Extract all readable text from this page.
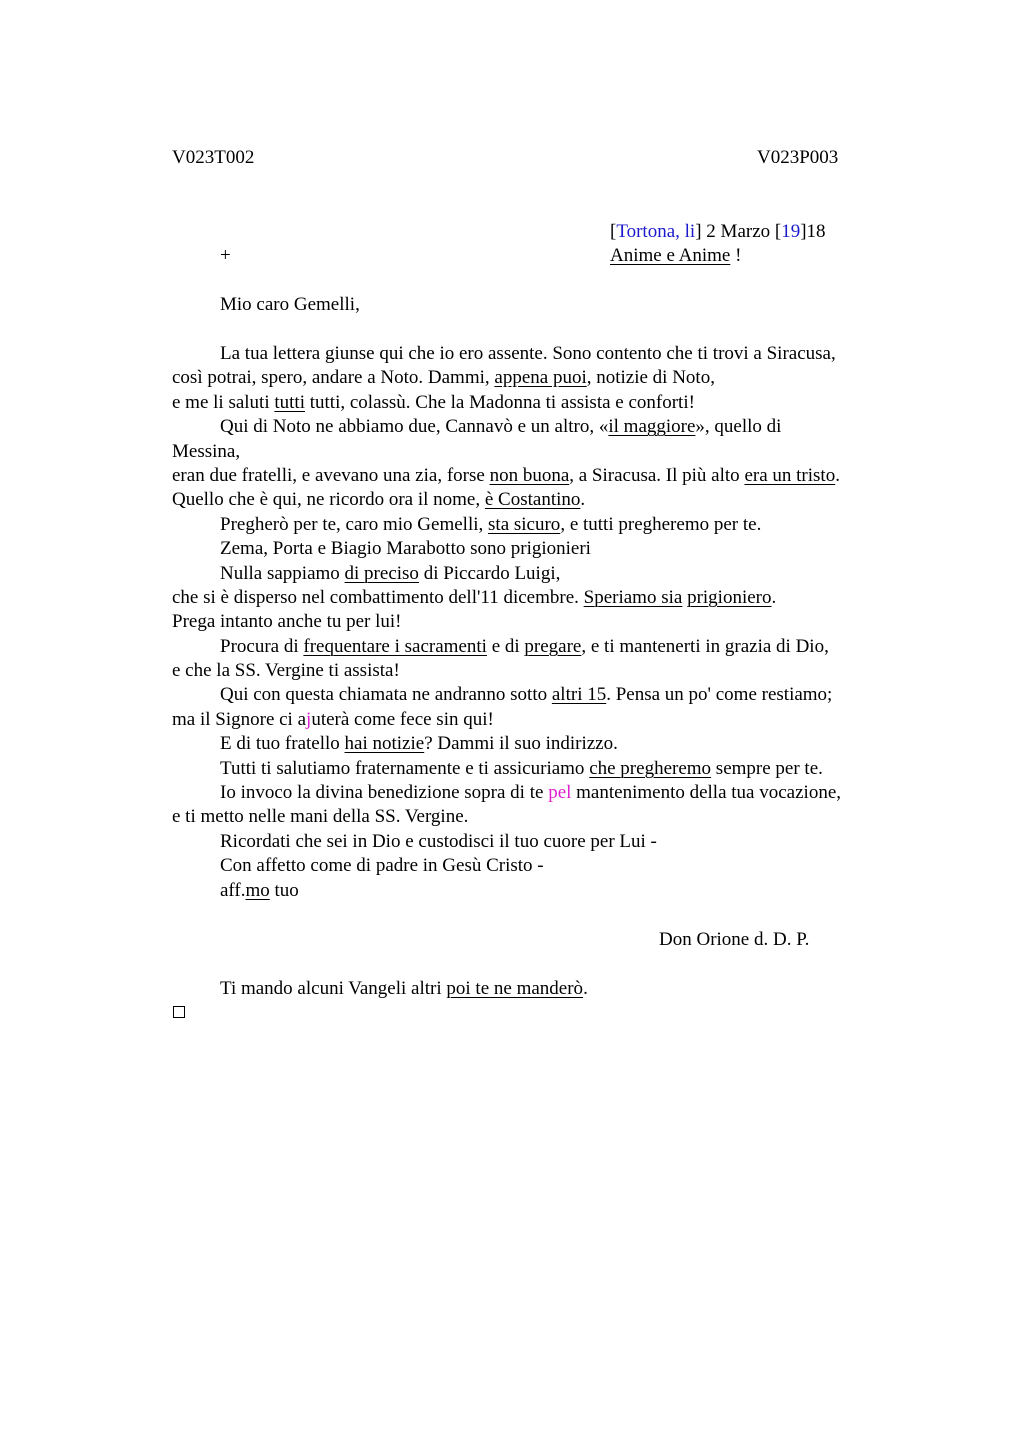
V023T002	V023P003
[Tortona, li] 2 Marzo [19]18
+	Anime e Anime !
Mio caro Gemelli,
La tua lettera giunse qui che io ero assente. Sono contento che ti trovi a Siracusa,
così potrai, spero, andare a Noto. Dammi, appena puoi, notizie di Noto,
e me li saluti tutti tutti, colassù. Che la Madonna ti assista e conforti!
Qui di Noto ne abbiamo due, Cannavò e un altro, «il maggiore», quello di
Messina,
eran due fratelli, e avevano una zia, forse non buona, a Siracusa. Il più alto era un tristo.
Quello che è qui, ne ricordo ora il nome, è Costantino.
Pregherò per te, caro mio Gemelli, sta sicuro, e tutti pregheremo per te.
Zema, Porta e Biagio Marabotto sono prigionieri
Nulla sappiamo di preciso di Piccardo Luigi,
che si è disperso nel combattimento dell'11 dicembre. Speriamo sia prigioniero.
Prega intanto anche tu per lui!
Procura di frequentare i sacramenti e di pregare, e ti mantenerti in grazia di Dio,
e che la SS. Vergine ti assista!
Qui con questa chiamata ne andranno sotto altri 15. Pensa un po' come restiamo;
ma il Signore ci ajuterà come fece sin qui!
E di tuo fratello hai notizie? Dammi il suo indirizzo.
Tutti ti salutiamo fraternamente e ti assicuriamo che pregheremo sempre per te.
Io invoco la divina benedizione sopra di te pel mantenimento della tua vocazione,
e ti metto nelle mani della SS. Vergine.
Ricordati che sei in Dio e custodisci il tuo cuore per Lui -
Con affetto come di padre in Gesù Cristo -
aff.mo tuo
Don Orione d. D. P.
Ti mando alcuni Vangeli altri poi te ne manderò.
